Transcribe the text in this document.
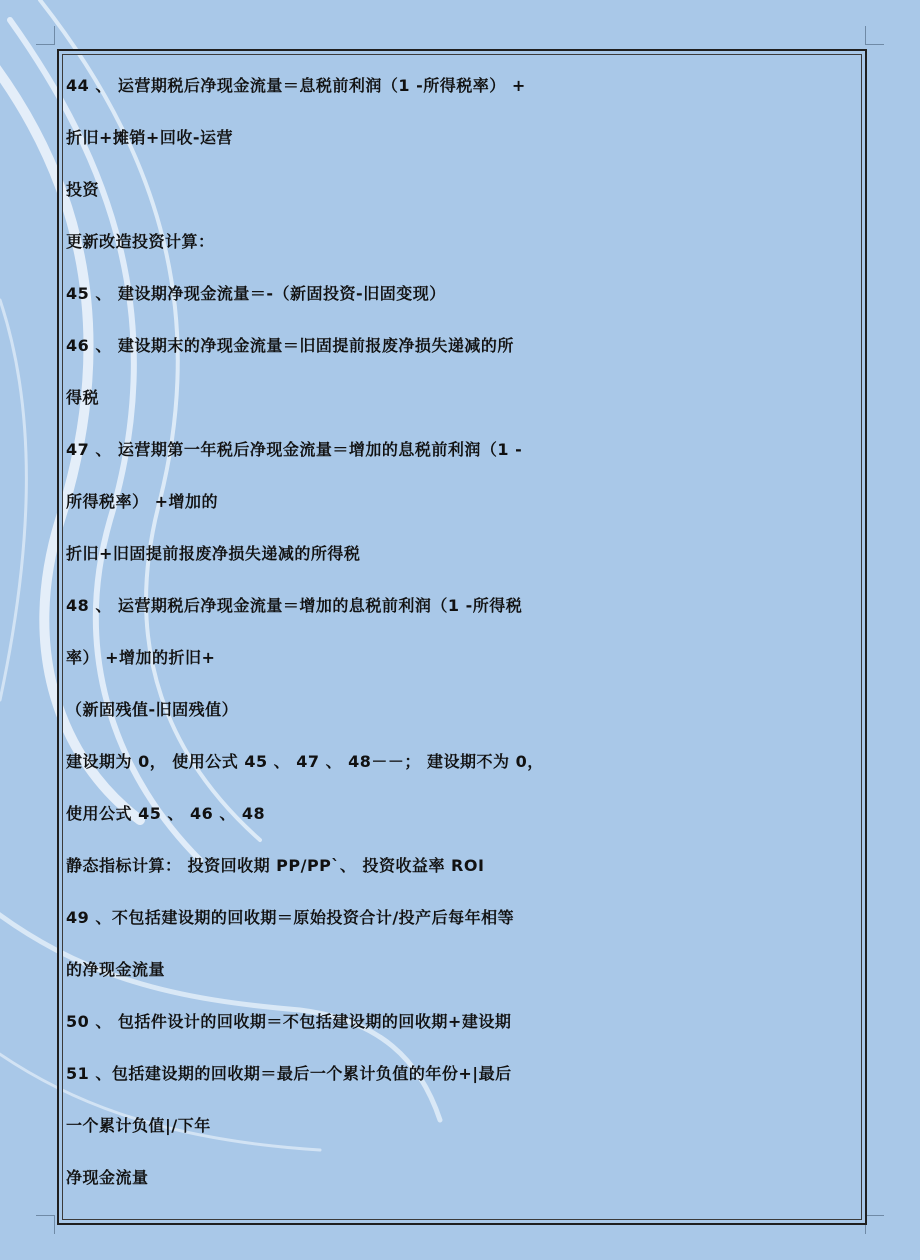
44 、 运营期税后净现金流量＝息税前利润（1 -所得税率） +
折旧+摊销+回收-运营
投资
更新改造投资计算：
45 、 建设期净现金流量＝-（新固投资-旧固变现）
46 、 建设期末的净现金流量＝旧固提前报废净损失递减的所
得税
47 、 运营期第一年税后净现金流量＝增加的息税前利润（1 -
所得税率） +增加的
折旧+旧固提前报废净损失递减的所得税
48 、 运营期税后净现金流量＝增加的息税前利润（1 -所得税
率） +增加的折旧+
（新固残值-旧固残值）
建设期为 0， 使用公式 45 、 47 、 48－－； 建设期不为 0，
使用公式 45 、 46 、 48
静态指标计算： 投资回收期 PP/PP`、 投资收益率 ROI
49 、不包括建设期的回收期＝原始投资合计/投产后每年相等
的净现金流量
50 、 包括件设计的回收期＝不包括建设期的回收期+建设期
51 、包括建设期的回收期＝最后一个累计负值的年份+|最后
一个累计负值|/下年
净现金流量
